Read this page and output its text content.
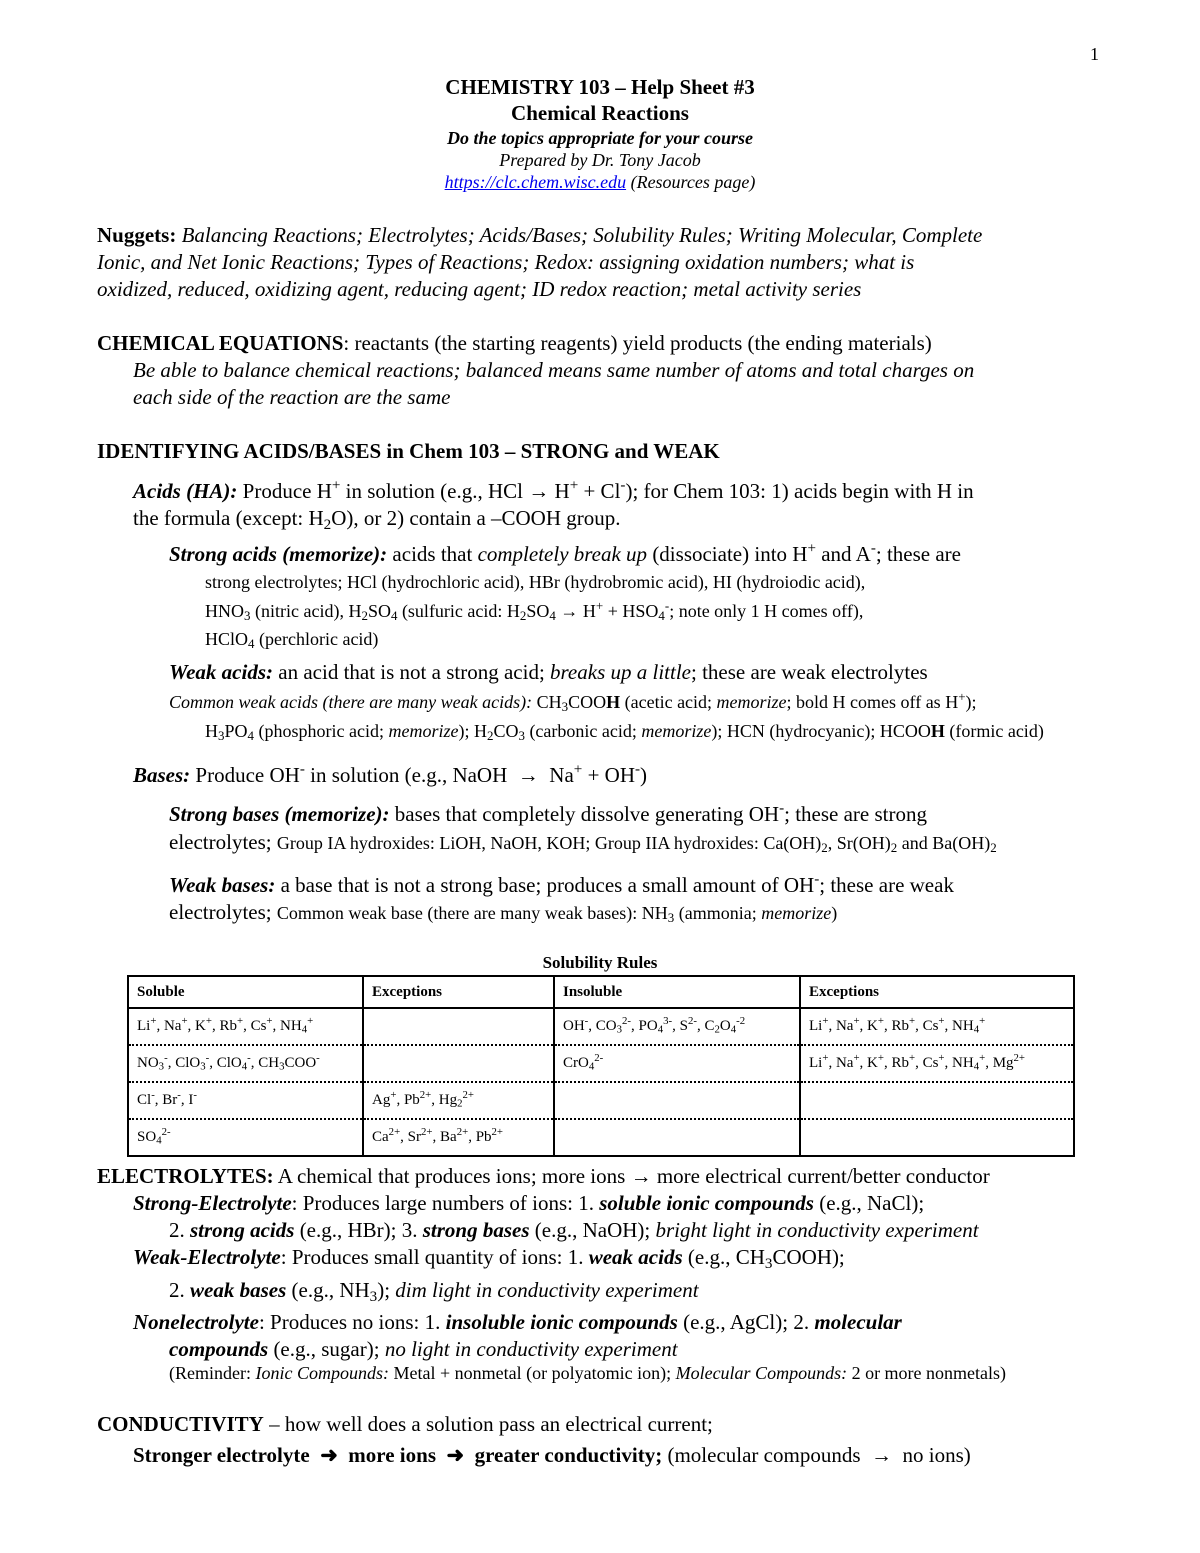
1
CHEMISTRY 103 – Help Sheet #3
Chemical Reactions
Do the topics appropriate for your course
Prepared by Dr. Tony Jacob
https://clc.chem.wisc.edu (Resources page)
Nuggets: Balancing Reactions; Electrolytes; Acids/Bases; Solubility Rules; Writing Molecular, Complete
Ionic, and Net Ionic Reactions; Types of Reactions; Redox: assigning oxidation numbers; what is
oxidized, reduced, oxidizing agent, reducing agent; ID redox reaction; metal activity series
CHEMICAL EQUATIONS: reactants (the starting reagents) yield products (the ending materials)
Be able to balance chemical reactions; balanced means same number of atoms and total charges on
each side of the reaction are the same
IDENTIFYING ACIDS/BASES in Chem 103 – STRONG and WEAK
Acids (HA): Produce H+ in solution (e.g., HCl → H+ + Cl-); for Chem 103: 1) acids begin with H in
the formula (except: $H_2O$), or 2) contain a –COOH group.
Strong acids (memorize): acids that completely break up (dissociate) into H+ and A-; these are
strong electrolytes; HCl (hydrochloric acid), HBr (hydrobromic acid), HI (hydroiodic acid),
$HNO_3$ (nitric acid), $H_2SO_4$ (sulfuric acid: $H_2SO_4 \to H^+ + HSO_4^-$; note only 1 H comes off),
HClO$_4$ (perchloric acid)
Weak acids: an acid that is not a strong acid; breaks up a little; these are weak electrolytes
Common weak acids (there are many weak acids): $CH_3COOH$ (acetic acid; memorize; bold H comes off as H+);
$H_3PO_4$ (phosphoric acid; memorize); $H_2CO_3$ (carbonic acid; memorize); HCN (hydrocyanic); HCOOH (formic acid)
Bases: Produce OH- in solution (e.g., NaOH  →  Na+ + OH-)
Strong bases (memorize): bases that completely dissolve generating OH-; these are strong
electrolytes; Group IA hydroxides: LiOH, NaOH, KOH; Group IIA hydroxides: $Ca(OH)_2$, $Sr(OH)_2$ and $Ba(OH)_2$
Weak bases: a base that is not a strong base; produces a small amount of OH-; these are weak
electrolytes; Common weak base (there are many weak bases): $NH_3$ (ammonia; memorize)
Solubility Rules
Soluble	Exceptions	Insoluble	Exceptions
Li+, Na+, K+, Rb+, Cs+, $NH_4^+$		OH-, $CO_3^{2-}$, $PO_4^{3-}$, $S^{2-}$, $C_2O_4^{-2}$	Li+, Na+, K+, Rb+, Cs+, $NH_4^+$
$NO_3^-$, ClO$_3$-, ClO$_4$-, $CH_3COO^-$		CrO$_4^{2-}$	Li+, Na+, K+, Rb+, Cs+, $NH_4^+$, $Mg^{2+}$
Cl-, Br-, I-	Ag+, $Pb^{2+}$, $Hg_2^{2+}$		
$SO_4^{2-}$	$Ca^{2+}$, $Sr^{2+}$, $Ba^{2+}$, $Pb^{2+}$		
ELECTROLYTES: A chemical that produces ions; more ions → more electrical current/better conductor
Strong-Electrolyte: Produces large numbers of ions: 1. soluble ionic compounds (e.g., NaCl);
2. strong acids (e.g., HBr); 3. strong bases (e.g., NaOH); bright light in conductivity experiment
Weak-Electrolyte: Produces small quantity of ions: 1. weak acids (e.g., $CH_3COOH$);
2. weak bases (e.g., $NH_3$); dim light in conductivity experiment
Nonelectrolyte: Produces no ions: 1. insoluble ionic compounds (e.g., AgCl); 2. molecular
compounds (e.g., sugar); no light in conductivity experiment
(Reminder: Ionic Compounds: Metal + nonmetal (or polyatomic ion); Molecular Compounds: 2 or more nonmetals)
CONDUCTIVITY – how well does a solution pass an electrical current;
Stronger electrolyte  ➜  more ions  ➜  greater conductivity; (molecular compounds  →  no ions)
